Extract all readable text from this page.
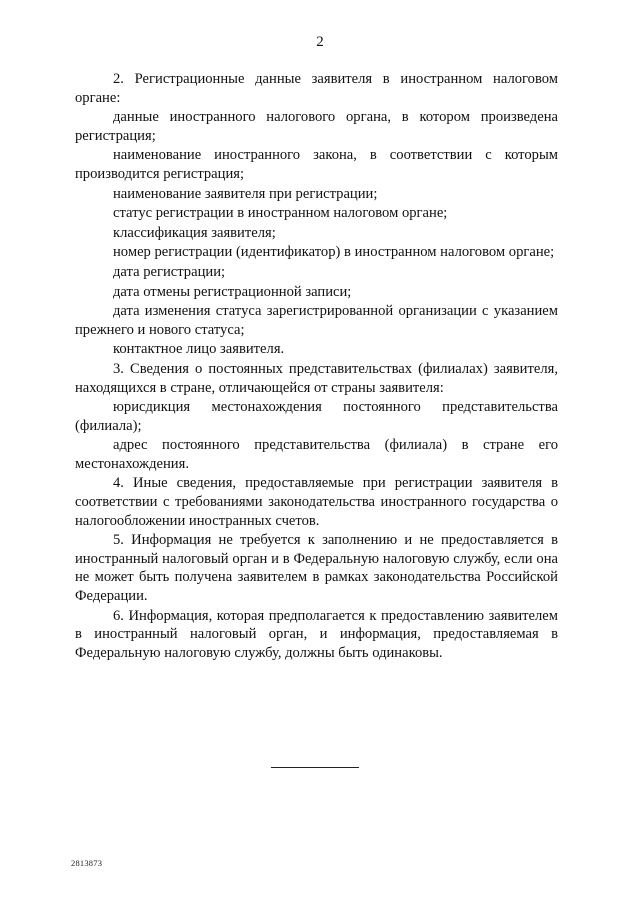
2

2. Регистрационные данные заявителя в иностранном налоговом органе:

данные иностранного налогового органа, в котором произведена регистрация;

наименование иностранного закона, в соответствии с которым производится регистрация;

наименование заявителя при регистрации;

статус регистрации в иностранном налоговом органе;

классификация заявителя;

номер регистрации (идентификатор) в иностранном налоговом органе;

дата регистрации;

дата отмены регистрационной записи;

дата изменения статуса зарегистрированной организации с указанием прежнего и нового статуса;

контактное лицо заявителя.

3. Сведения о постоянных представительствах (филиалах) заявителя, находящихся в стране, отличающейся от страны заявителя:

юрисдикция местонахождения постоянного представительства (филиала);

адрес постоянного представительства (филиала) в стране его местонахождения.

4. Иные сведения, предоставляемые при регистрации заявителя в соответствии с требованиями законодательства иностранного государства о налогообложении иностранных счетов.

5. Информация не требуется к заполнению и не предоставляется в иностранный налоговый орган и в Федеральную налоговую службу, если она не может быть получена заявителем в рамках законодательства Российской Федерации.

6. Информация, которая предполагается к предоставлению заявителем в иностранный налоговый орган, и информация, предоставляемая в Федеральную налоговую службу, должны быть одинаковы.

2813873
